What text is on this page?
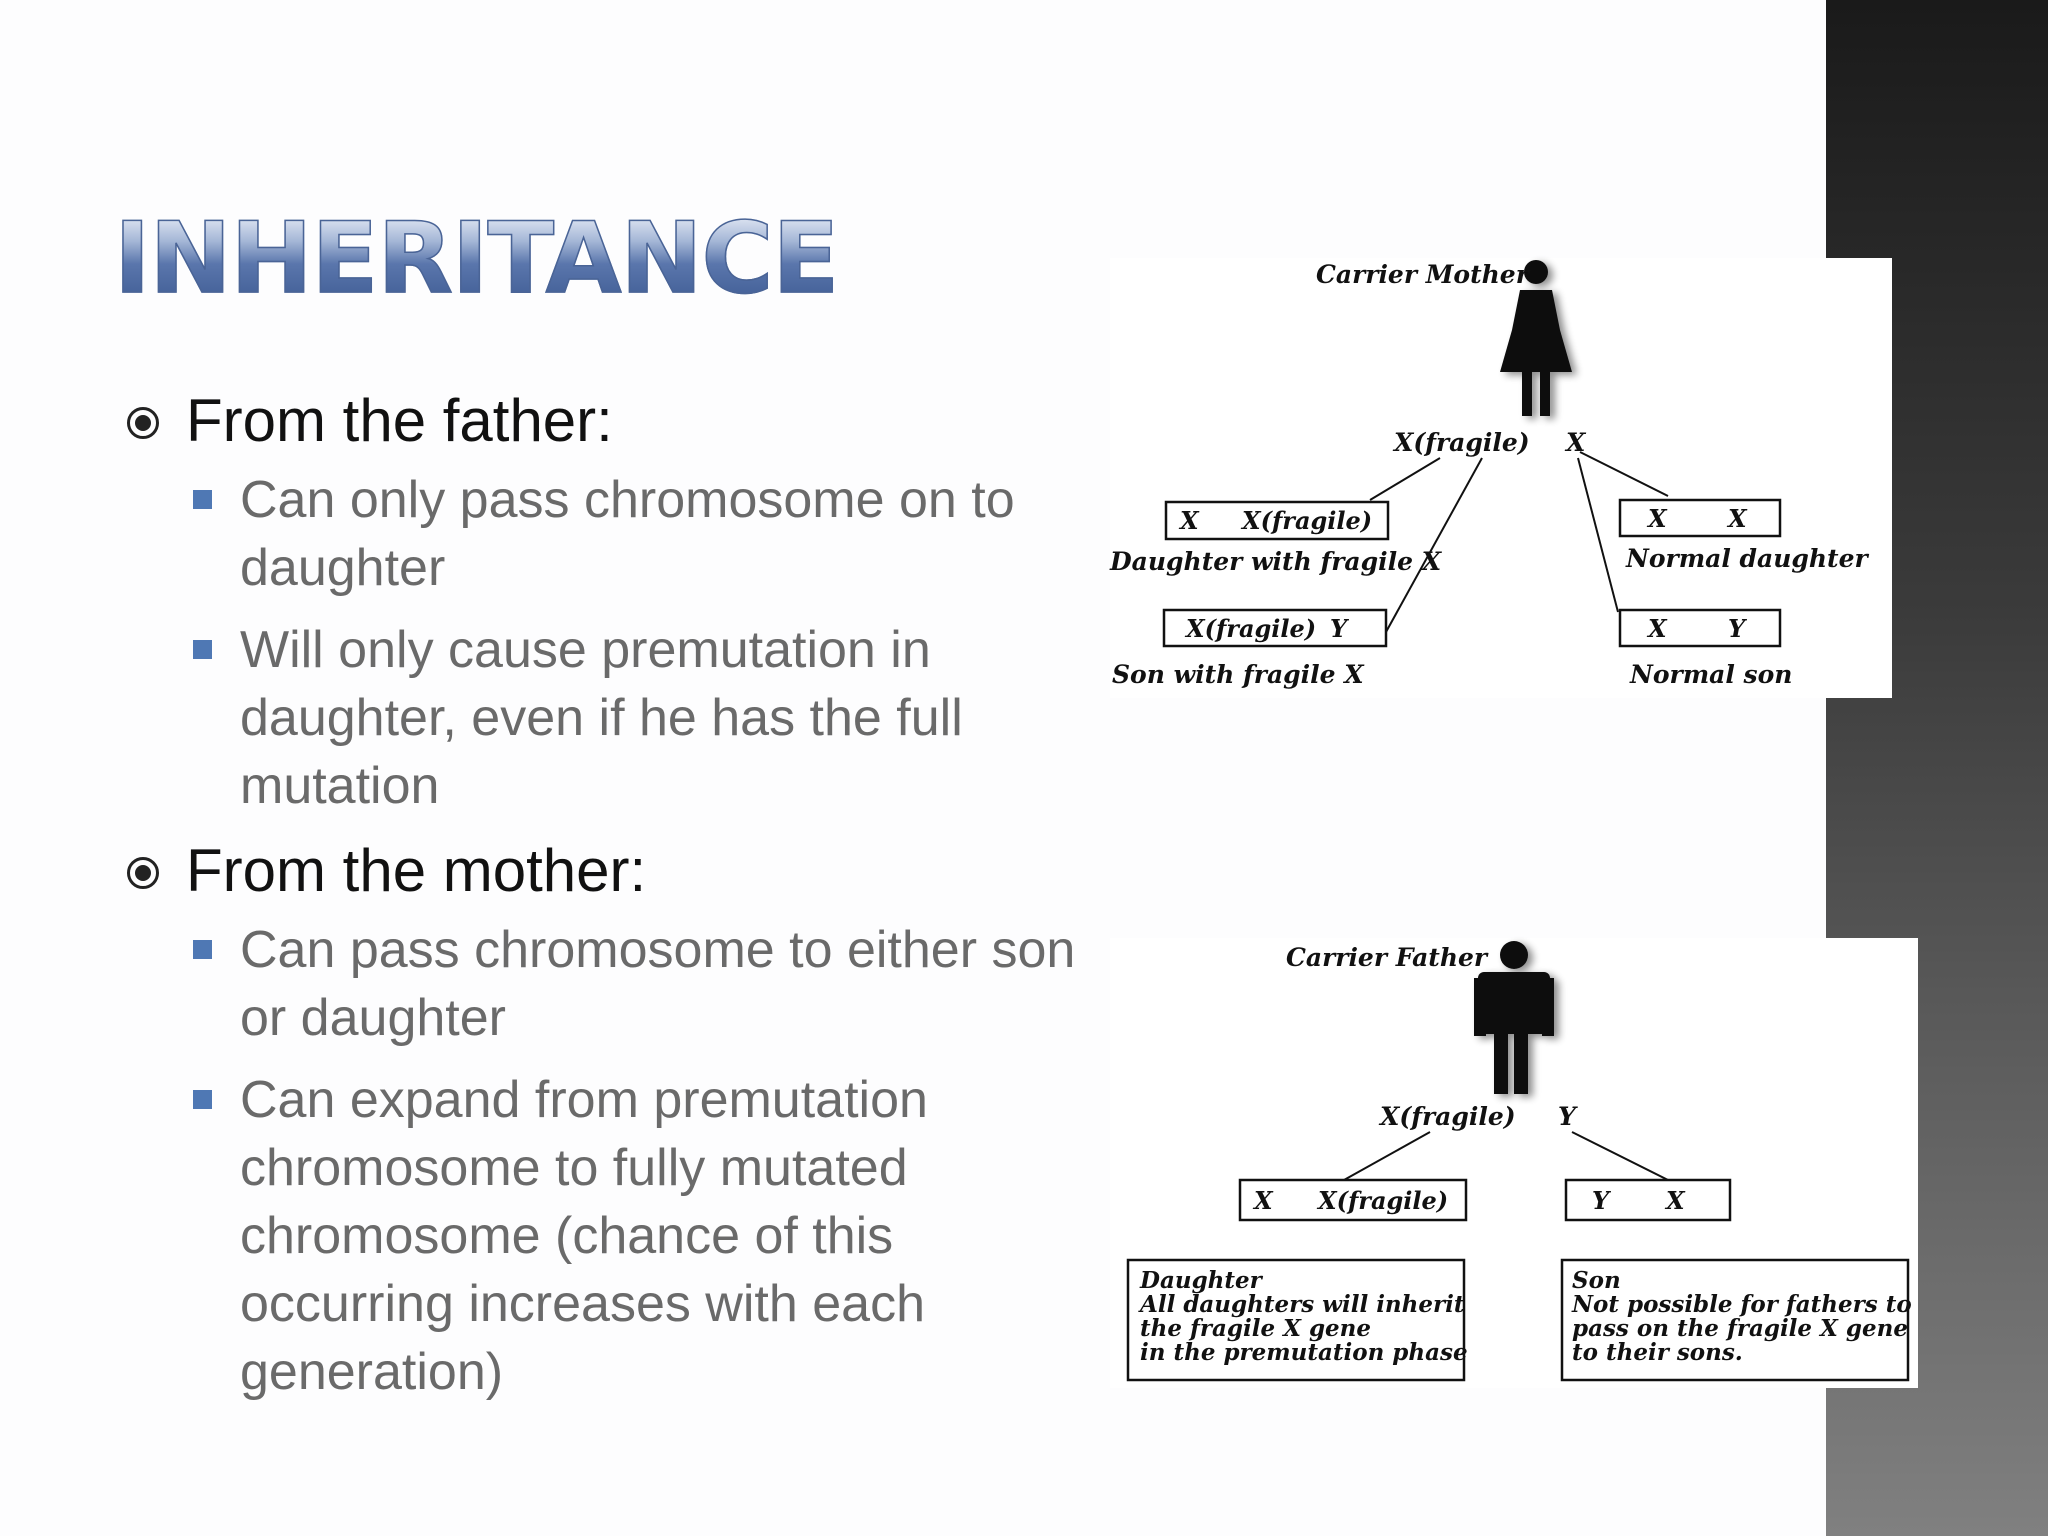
INHERITANCE
From the father:
Can only pass chromosome on to daughter
Will only cause premutation in daughter, even if he has the full mutation
From the mother:
Can pass chromosome to either son or daughter
Can expand from premutation chromosome to fully mutated chromosome (chance of this occurring increases with each generation)
Carrier Mother
X(fragile) X
X X(fragile)
Daughter with fragile X
X(fragile) Y
Son with fragile X
X	X
Normal daughter
X	Y
Normal son
Carrier Father
X(fragile) Y
X X(fragile)	Y X
Daughter
All daughters will inherit
the fragile X gene
in the premutation phase
Son
Not possible for fathers to
pass on the fragile X gene
to their sons.
